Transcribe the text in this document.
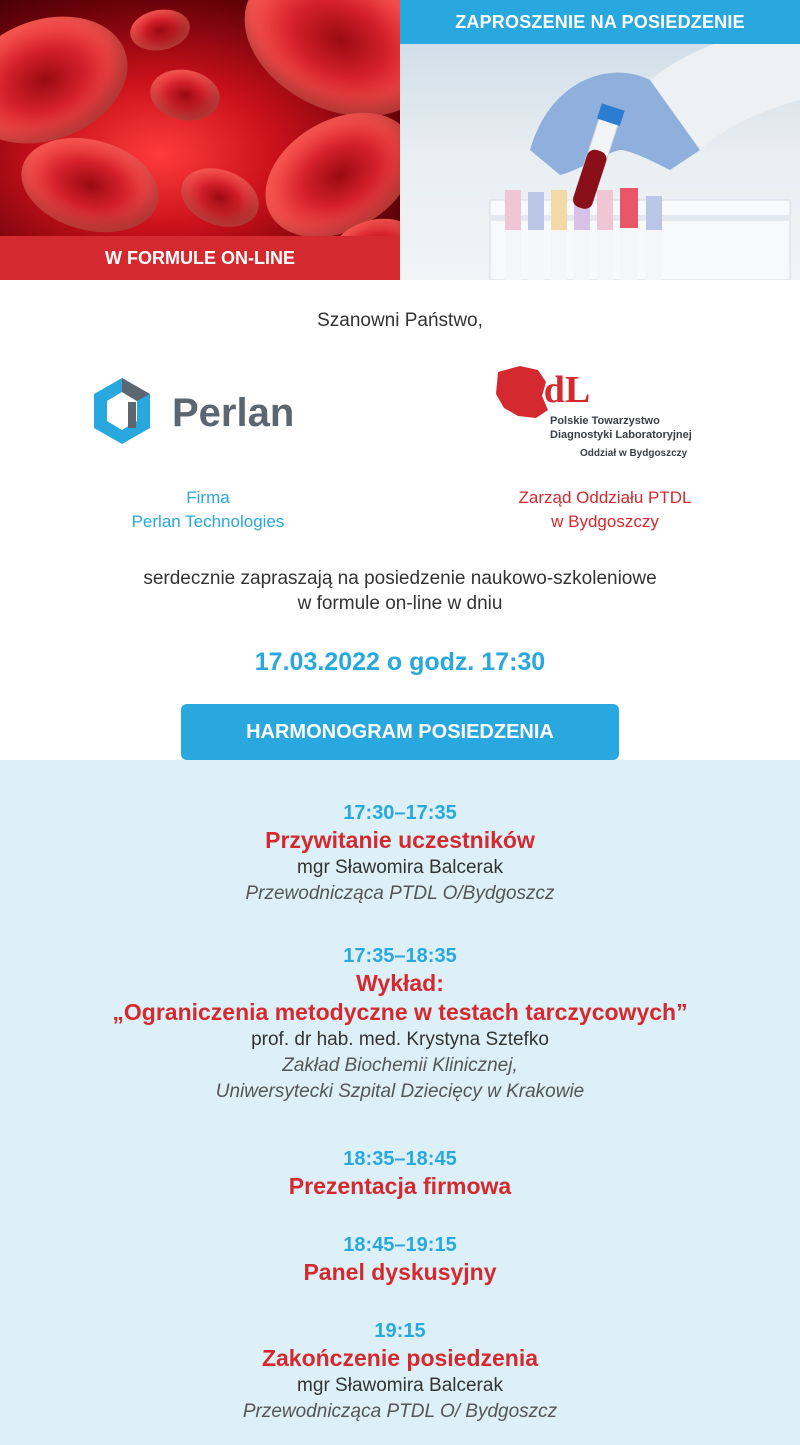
ZAPROSZENIE NA POSIEDZENIE
W FORMULE ON-LINE
Szanowni Państwo,
Perlan
ptdL
Polskie Towarzystwo
Diagnostyki Laboratoryjnej
Oddział w Bydgoszczy
Firma
Perlan Technologies
Zarząd Oddziału PTDL
w Bydgoszczy
serdecznie zapraszają na posiedzenie naukowo-szkoleniowe
w formule on-line w dniu
17.03.2022 o godz. 17:30
HARMONOGRAM POSIEDZENIA
17:30–17:35
Przywitanie uczestników
mgr Sławomira Balcerak
Przewodnicząca PTDL O/Bydgoszcz
17:35–18:35
Wykład:
„Ograniczenia metodyczne w testach tarczycowych”
prof. dr hab. med. Krystyna Sztefko
Zakład Biochemii Klinicznej,
Uniwersytecki Szpital Dziecięcy w Krakowie
18:35–18:45
Prezentacja firmowa
18:45–19:15
Panel dyskusyjny
19:15
Zakończenie posiedzenia
mgr Sławomira Balcerak
Przewodnicząca PTDL O/ Bydgoszcz
